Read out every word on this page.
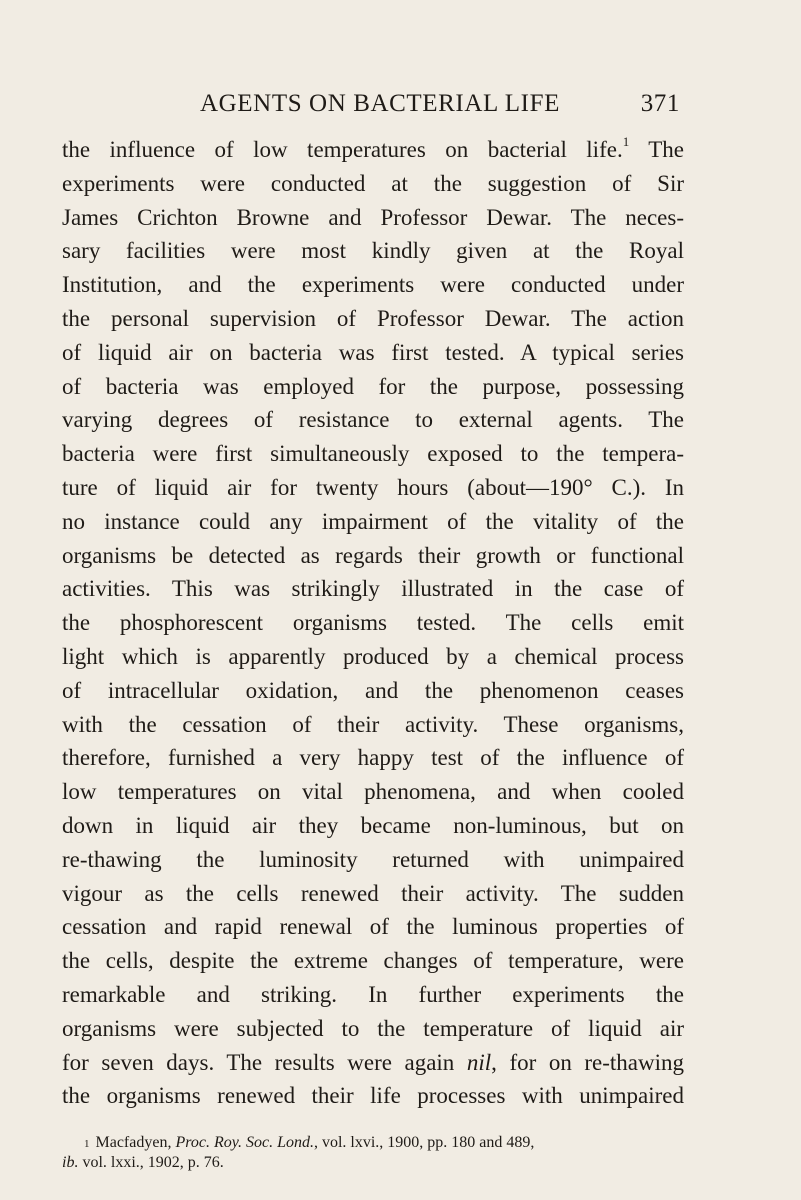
AGENTS ON BACTERIAL LIFE	371
the influence of low temperatures on bacterial life.$^1$ The
experiments were conducted at the suggestion of Sir
James Crichton Browne and Professor Dewar. The neces-
sary facilities were most kindly given at the Royal
Institution, and the experiments were conducted under
the personal supervision of Professor Dewar. The action
of liquid air on bacteria was first tested. A typical series
of bacteria was employed for the purpose, possessing
varying degrees of resistance to external agents. The
bacteria were first simultaneously exposed to the tempera-
ture of liquid air for twenty hours (about—190° C.). In
no instance could any impairment of the vitality of the
organisms be detected as regards their growth or functional
activities. This was strikingly illustrated in the case of
the phosphorescent organisms tested. The cells emit
light which is apparently produced by a chemical process
of intracellular oxidation, and the phenomenon ceases
with the cessation of their activity. These organisms,
therefore, furnished a very happy test of the influence of
low temperatures on vital phenomena, and when cooled
down in liquid air they became non-luminous, but on
re-thawing the luminosity returned with unimpaired
vigour as the cells renewed their activity. The sudden
cessation and rapid renewal of the luminous properties of
the cells, despite the extreme changes of temperature, were
remarkable and striking. In further experiments the
organisms were subjected to the temperature of liquid air
for seven days. The results were again nil, for on re-thawing
the organisms renewed their life processes with unimpaired
$^1$ Macfadyen, Proc. Roy. Soc. Lond., vol. lxvi., 1900, pp. 180 and 489,
ib. vol. lxxi., 1902, p. 76.
